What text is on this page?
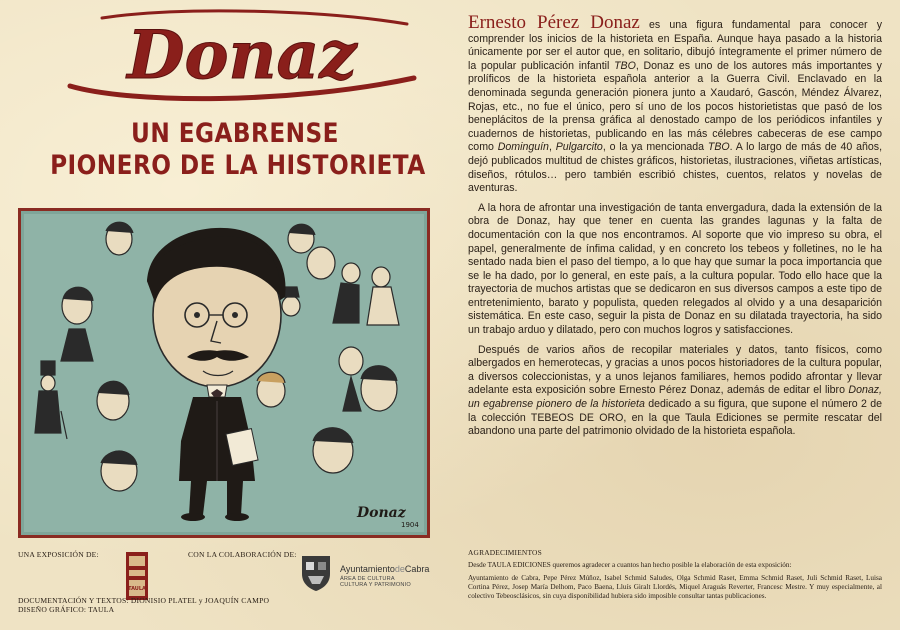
Donaz
UN EGABRENSE
PIONERO DE LA HISTORIETA
Donaz
1904

Ernesto Pérez Donaz es una figura fundamental para conocer y comprender los inicios de la historieta en España. Aunque haya pasado a la historia únicamente por ser el autor que, en solitario, dibujó íntegramente el primer número de la popular publicación infantil TBO, Donaz es uno de los autores más importantes y prolíficos de la historieta española anterior a la Guerra Civil. Enclavado en la denominada segunda generación pionera junto a Xaudaró, Gascón, Méndez Álvarez, Rojas, etc., no fue el único, pero sí uno de los pocos historietistas que pasó de los beneplácitos de la prensa gráfica al denostado campo de los periódicos infantiles y cuadernos de historietas, publicando en las más célebres cabeceras de ese campo como Dominguín, Pulgarcito, o la ya mencionada TBO. A lo largo de más de 40 años, dejó publicados multitud de chistes gráficos, historietas, ilustraciones, viñetas artísticas, diseños, rótulos… pero también escribió chistes, cuentos, relatos y novelas de aventuras.

A la hora de afrontar una investigación de tanta envergadura, dada la extensión de la obra de Donaz, hay que tener en cuenta las grandes lagunas y la falta de documentación con la que nos encontramos. Al soporte que vio impreso su obra, el papel, generalmente de ínfima calidad, y en concreto los tebeos y folletines, no le ha sentado nada bien el paso del tiempo, a lo que hay que sumar la poca importancia que se le ha dado, por lo general, en este país, a la cultura popular. Todo ello hace que la trayectoria de muchos artistas que se dedicaron en sus diversos campos a este tipo de entretenimiento, barato y populista, queden relegados al olvido y a una desaparición sistemática. En este caso, seguir la pista de Donaz en su dilatada trayectoria, ha sido un trabajo arduo y dilatado, pero con muchos logros y satisfacciones.

Después de varios años de recopilar materiales y datos, tanto físicos, como albergados en hemerotecas, y gracias a unos pocos historiadores de la cultura popular, a diversos coleccionistas, y a unos lejanos familiares, hemos podido afrontar y llevar adelante esta exposición sobre Ernesto Pérez Donaz, además de editar el libro Donaz, un egabrense pionero de la historieta dedicado a su figura, que supone el número 2 de la colección TEBEOS DE ORO, en la que Taula Ediciones se permite rescatar del abandono una parte del patrimonio olvidado de la historieta española.

UNA EXPOSICIÓN DE:
TAULA
CON LA COLABORACIÓN DE:
AyuntamientodeCabra
ÁREA DE CULTURA
CULTURA Y PATRIMONIO
DOCUMENTACIÓN Y TEXTOS: DIONISIO PLATEL y JOAQUÍN CAMPO
DISEÑO GRÁFICO: TAULA
AGRADECIMIENTOS
Desde TAULA EDICIONES queremos agradecer a cuantos han hecho posible la elaboración de esta exposición:
Ayuntamiento de Cabra, Pepe Pérez Múñoz, Isabel Schmid Saludes, Olga Schmid Raset, Emma Schmid Raset, Juli Schmid Raset, Luisa Cortina Pérez, Josep María Delhom, Paco Baena, Lluís Giralt Llordés, Miquel Araguás Reverter, Francesc Mestre. Y muy especialmente, al colectivo Tebeosclásicos, sin cuya disponibilidad hubiera sido imposible consultar tantas publicaciones.
